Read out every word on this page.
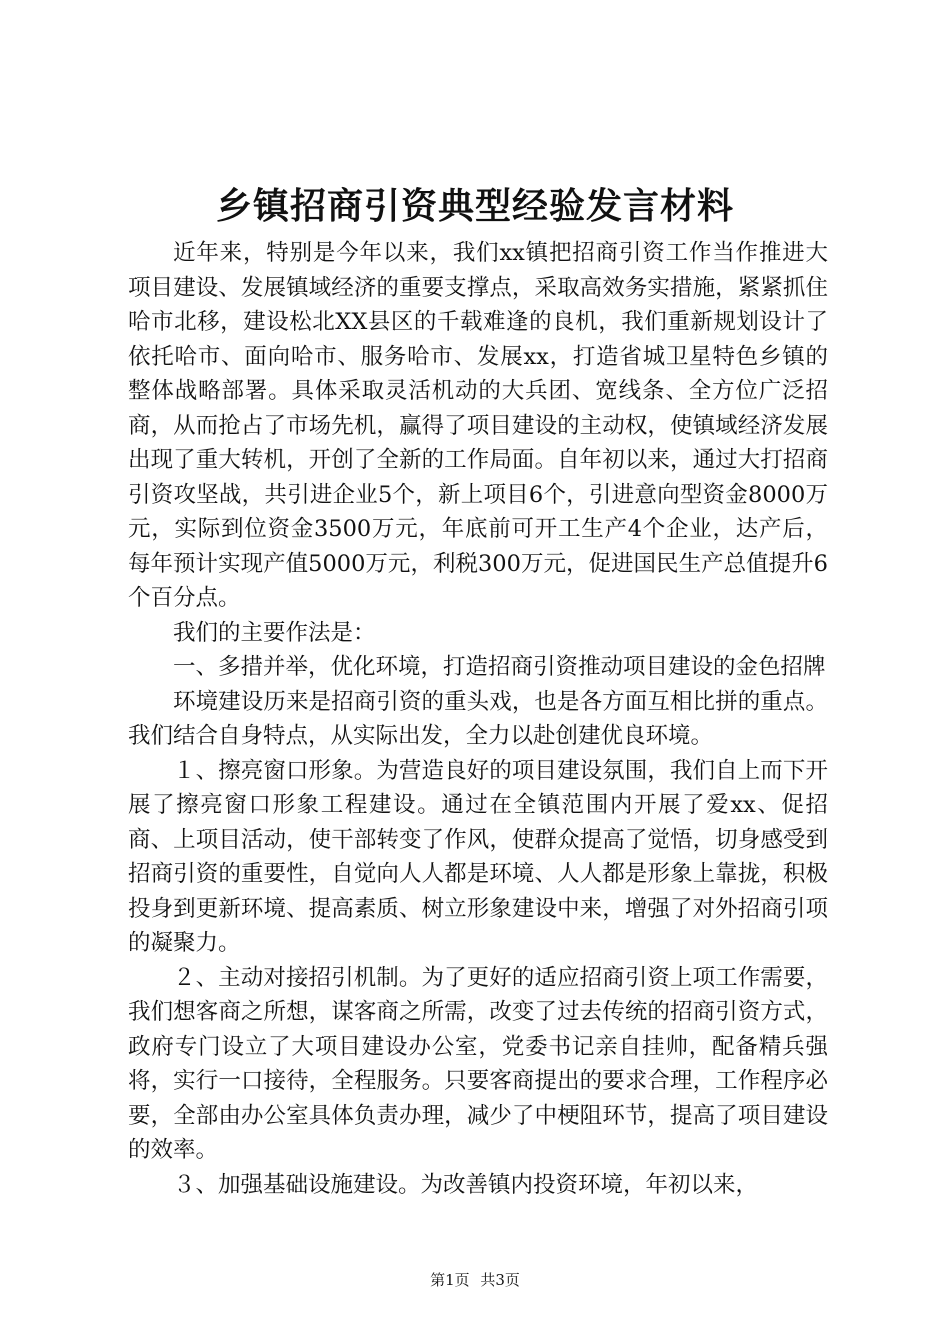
乡镇招商引资典型经验发言材料

近年来，特别是今年以来，我们xx镇把招商引资工作当作推进大项目建设、发展镇域经济的重要支撑点，采取高效务实措施，紧紧抓住哈市北移，建设松北XX县区的千载难逢的良机，我们重新规划设计了依托哈市、面向哈市、服务哈市、发展xx，打造省城卫星特色乡镇的整体战略部署。具体采取灵活机动的大兵团、宽线条、全方位广泛招商，从而抢占了市场先机，赢得了项目建设的主动权，使镇域经济发展出现了重大转机，开创了全新的工作局面。自年初以来，通过大打招商引资攻坚战，共引进企业5个，新上项目6个，引进意向型资金8000万元，实际到位资金3500万元，年底前可开工生产4个企业，达产后，每年预计实现产值5000万元，利税300万元，促进国民生产总值提升6个百分点。

我们的主要作法是：

一、多措并举，优化环境，打造招商引资推动项目建设的金色招牌

环境建设历来是招商引资的重头戏，也是各方面互相比拼的重点。我们结合自身特点，从实际出发，全力以赴创建优良环境。

１、擦亮窗口形象。为营造良好的项目建设氛围，我们自上而下开展了擦亮窗口形象工程建设。通过在全镇范围内开展了爱xx、促招商、上项目活动，使干部转变了作风，使群众提高了觉悟，切身感受到招商引资的重要性，自觉向人人都是环境、人人都是形象上靠拢，积极投身到更新环境、提高素质、树立形象建设中来，增强了对外招商引项的凝聚力。

２、主动对接招引机制。为了更好的适应招商引资上项工作需要，我们想客商之所想，谋客商之所需，改变了过去传统的招商引资方式，政府专门设立了大项目建设办公室，党委书记亲自挂帅，配备精兵强将，实行一口接待，全程服务。只要客商提出的要求合理，工作程序必要，全部由办公室具体负责办理，减少了中梗阻环节，提高了项目建设的效率。

３、加强基础设施建设。为改善镇内投资环境，年初以来，

第1页 共3页
